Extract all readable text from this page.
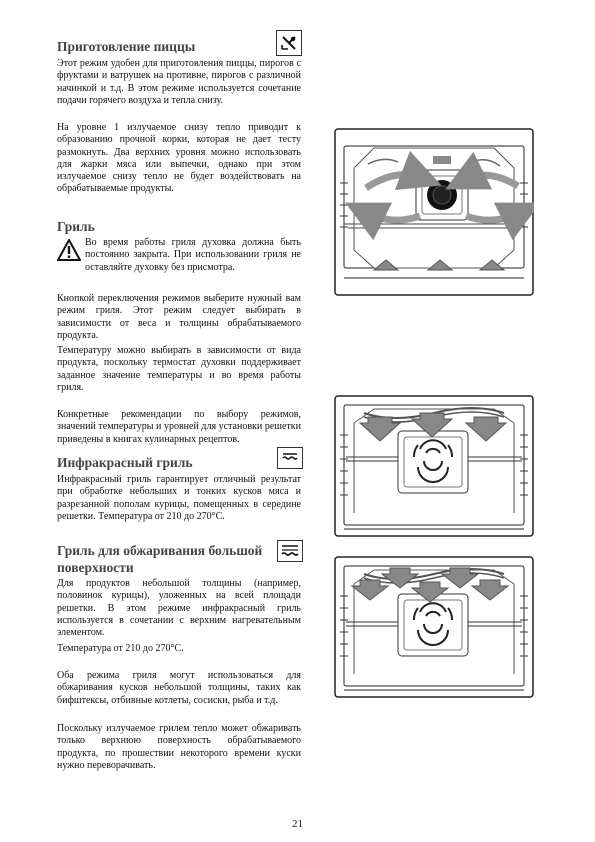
Приготовление пиццы
Этот режим удобен для приготовления пиццы, пирогов с фруктами и ватрушек на противне, пирогов с различной начинкой и т.д. В этом режиме используется сочетание подачи горячего воздуха и тепла снизу.
На уровне 1 излучаемое снизу тепло приводит к образованию прочной корки, которая не дает тесту размокнуть. Два верхних уровня можно использовать для жарки мяса или выпечки, однако при этом излучаемое снизу тепло не будет воздействовать на обрабатываемые продукты.
Гриль
Во время работы гриля духовка должна быть постоянно закрыта. При использовании гриля не оставляйте духовку без присмотра.
Кнопкой переключения режимов выберите нужный вам режим гриля. Этот режим следует выбирать в зависимости от веса и толщины обрабатываемого продукта.
Температуру можно выбирать в зависимости от вида продукта, поскольку термостат духовки поддерживает заданное значение температуры и во время работы гриля.
Конкретные рекомендации по выбору режимов, значений температуры и уровней для установки решетки приведены в книгах кулинарных рецептов.
Инфракрасный гриль
Инфракрасный гриль гарантирует отличный результат при обработке небольших и тонких кусков мяса и разрезанной пополам курицы, помещенных в середине решетки. Температура от 210 до 270°C.
Гриль для обжаривания большой
поверхности
Для продуктов небольшой толщины (например, половинок курицы), уложенных на всей площади решетки. В этом режиме инфракрасный гриль используется в сочетании с верхним нагревательным элементом.
Температура от 210 до 270°C.
Оба режима гриля могут использоваться для обжаривания кусков небольшой толщины, таких как бифштексы, отбивные котлеты, сосиски, рыба и т.д.
Поскольку излучаемое грилем тепло может обжаривать только верхнюю поверхность обрабатываемого продукта, по прошествии некоторого времени куски нужно переворачивать.
21
